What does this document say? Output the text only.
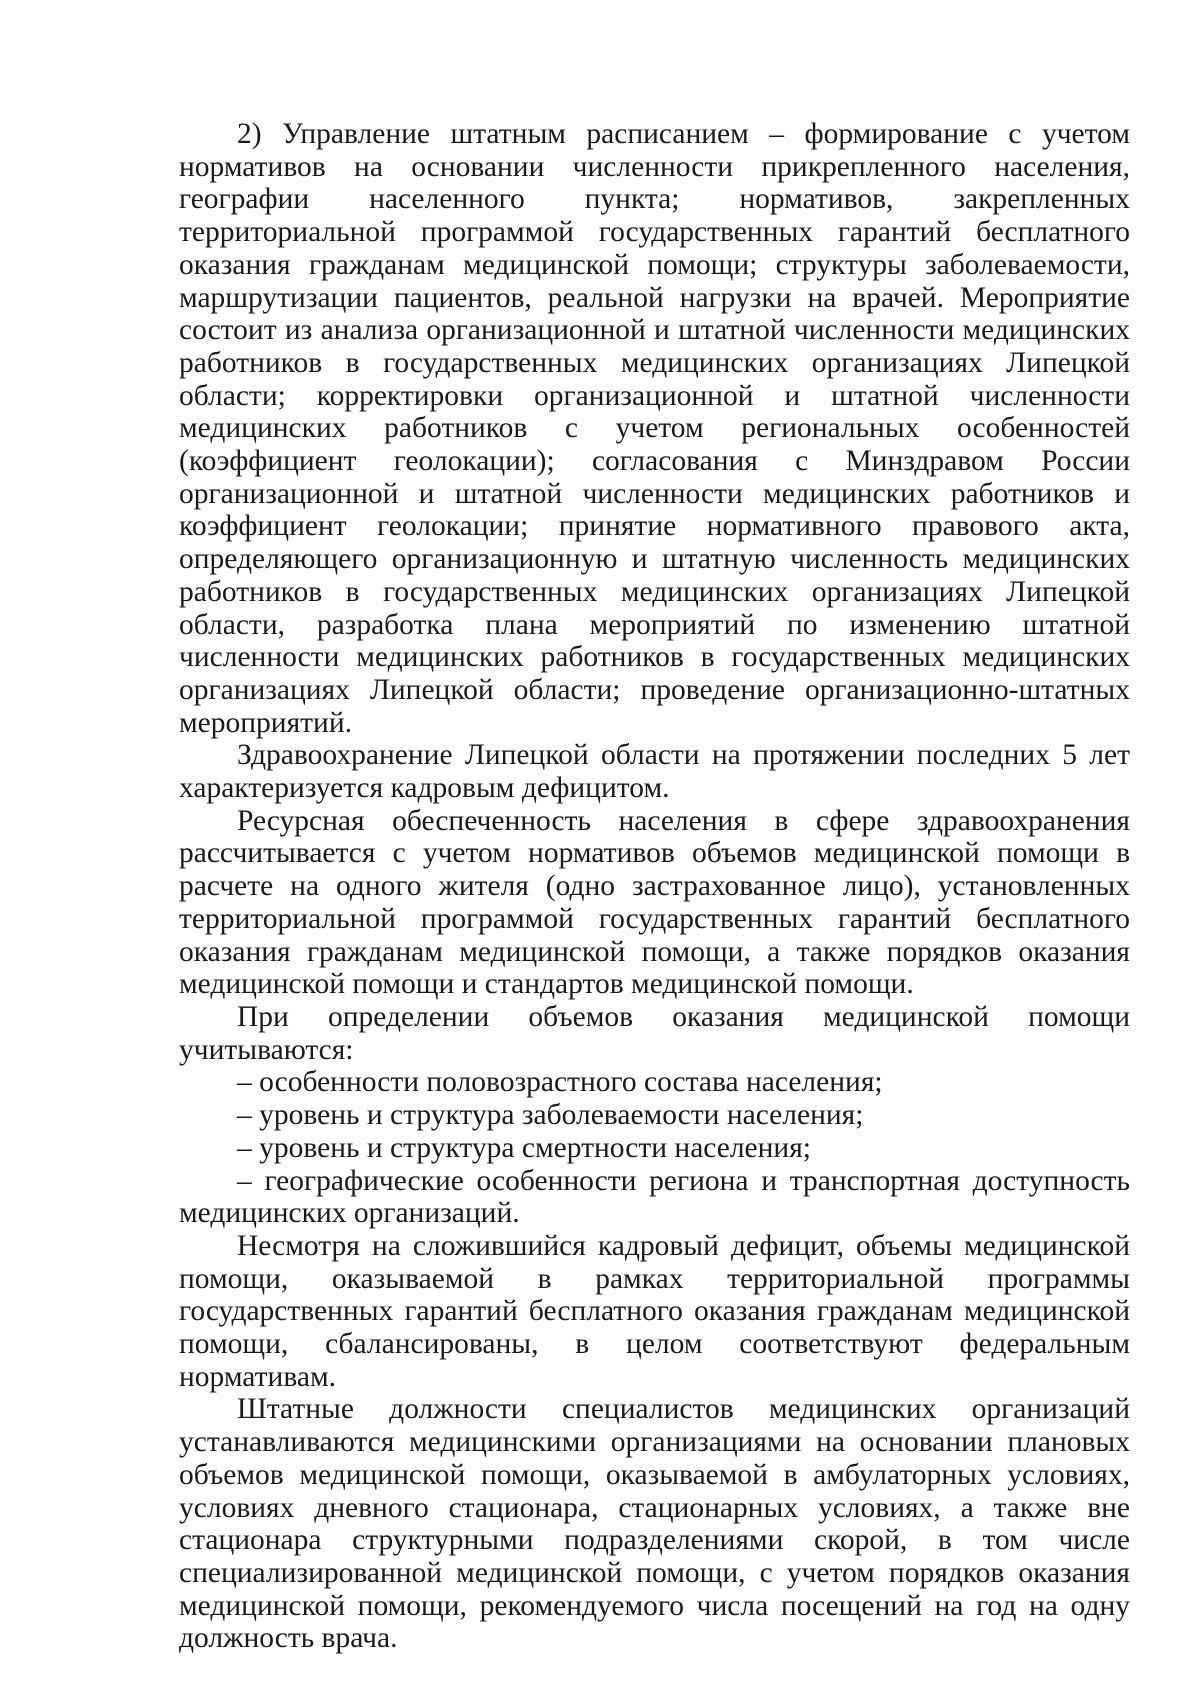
2) Управление штатным расписанием – формирование с учетом нормативов на основании численности прикрепленного населения, географии населенного пункта; нормативов, закрепленных территориальной программой государственных гарантий бесплатного оказания гражданам медицинской помощи; структуры заболеваемости, маршрутизации пациентов, реальной нагрузки на врачей. Мероприятие состоит из анализа организационной и штатной численности медицинских работников в государственных медицинских организациях Липецкой области; корректировки организационной и штатной численности медицинских работников с учетом региональных особенностей (коэффициент геолокации); согласования с Минздравом России организационной и штатной численности медицинских работников и коэффициент геолокации; принятие нормативного правового акта, определяющего организационную и штатную численность медицинских работников в государственных медицинских организациях Липецкой области, разработка плана мероприятий по изменению штатной численности медицинских работников в государственных медицинских организациях Липецкой области; проведение организационно-штатных мероприятий.

Здравоохранение Липецкой области на протяжении последних 5 лет характеризуется кадровым дефицитом.

Ресурсная обеспеченность населения в сфере здравоохранения рассчитывается с учетом нормативов объемов медицинской помощи в расчете на одного жителя (одно застрахованное лицо), установленных территориальной программой государственных гарантий бесплатного оказания гражданам медицинской помощи, а также порядков оказания медицинской помощи и стандартов медицинской помощи.

При определении объемов оказания медицинской помощи учитываются:

– особенности половозрастного состава населения;

– уровень и структура заболеваемости населения;

– уровень и структура смертности населения;

– географические особенности региона и транспортная доступность медицинских организаций.

Несмотря на сложившийся кадровый дефицит, объемы медицинской помощи, оказываемой в рамках территориальной программы государственных гарантий бесплатного оказания гражданам медицинской помощи, сбалансированы, в целом соответствуют федеральным нормативам.

Штатные должности специалистов медицинских организаций устанавливаются медицинскими организациями на основании плановых объемов медицинской помощи, оказываемой в амбулаторных условиях, условиях дневного стационара, стационарных условиях, а также вне стационара структурными подразделениями скорой, в том числе специализированной медицинской помощи, с учетом порядков оказания медицинской помощи, рекомендуемого числа посещений на год на одну должность врача.
